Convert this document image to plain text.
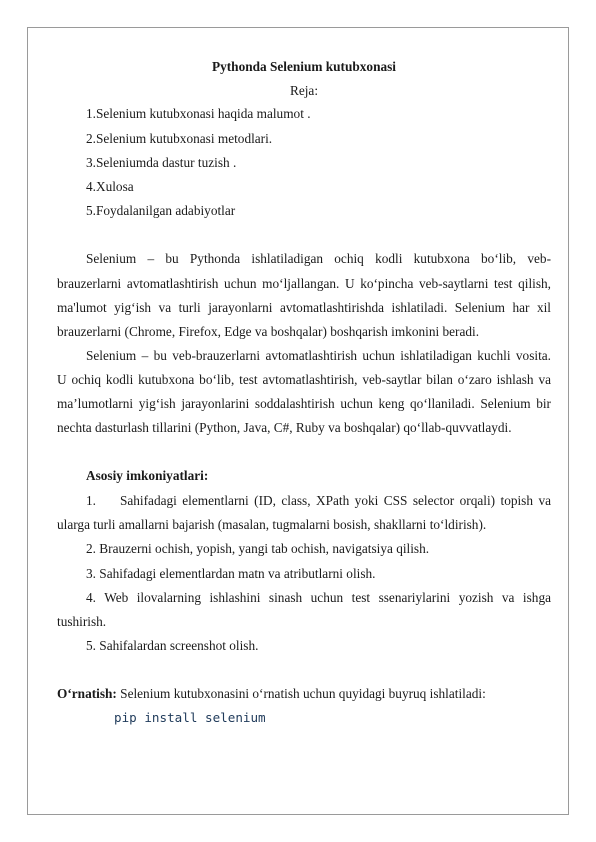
Pythonda Selenium kutubxonasi
Reja:
1.Selenium kutubxonasi haqida malumot .
2.Selenium kutubxonasi metodlari.
3.Seleniumda dastur tuzish .
4.Xulosa
5.Foydalanilgan adabiyotlar
Selenium – bu Pythonda ishlatiladigan ochiq kodli kutubxona bo‘lib, veb-
brauzerlarni avtomatlashtirish uchun mo‘ljallangan. U ko‘pincha veb-saytlarni test qilish,
ma'lumot yig‘ish va turli jarayonlarni avtomatlashtirishda ishlatiladi. Selenium har xil
brauzerlarni (Chrome, Firefox, Edge va boshqalar) boshqarish imkonini beradi.
Selenium – bu veb-brauzerlarni avtomatlashtirish uchun ishlatiladigan kuchli vosita.
U ochiq kodli kutubxona bo‘lib, test avtomatlashtirish, veb-saytlar bilan o‘zaro ishlash va
ma’lumotlarni yig‘ish jarayonlarini soddalashtirish uchun keng qo‘llaniladi. Selenium bir
nechta dasturlash tillarini (Python, Java, C#, Ruby va boshqalar) qo‘llab-quvvatlaydi.
Asosiy imkoniyatlari:
1. Sahifadagi elementlarni (ID, class, XPath yoki CSS selector orqali) topish va
ularga turli amallarni bajarish (masalan, tugmalarni bosish, shakllarni to‘ldirish).
2. Brauzerni ochish, yopish, yangi tab ochish, navigatsiya qilish.
3. Sahifadagi elementlardan matn va atributlarni olish.
4. Web ilovalarning ishlashini sinash uchun test ssenariylarini yozish va ishga
tushirish.
5. Sahifalardan screenshot olish.
O‘rnatish: Selenium kutubxonasini o‘rnatish uchun quyidagi buyruq ishlatiladi:
pip install selenium
